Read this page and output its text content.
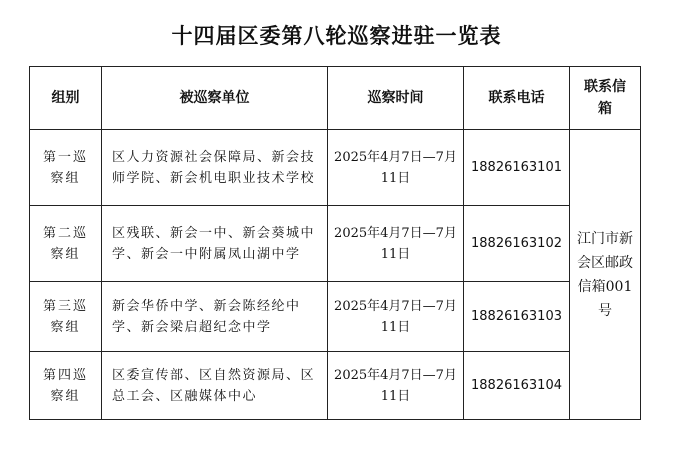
十四届区委第八轮巡察进驻一览表
组别	被巡察单位	巡察时间	联系电话	联系信箱
第一巡察组	区人力资源社会保障局、新会技师学院、新会机电职业技术学校	2025年4月7日—7月11日	18826163101	江门市新会区邮政信箱001号
第二巡察组	区残联、新会一中、新会葵城中学、新会一中附属凤山湖中学	2025年4月7日—7月11日	18826163102	
第三巡察组	新会华侨中学、新会陈经纶中学、新会梁启超纪念中学	2025年4月7日—7月11日	18826163103	
第四巡察组	区委宣传部、区自然资源局、区总工会、区融媒体中心	2025年4月7日—7月11日	18826163104	
